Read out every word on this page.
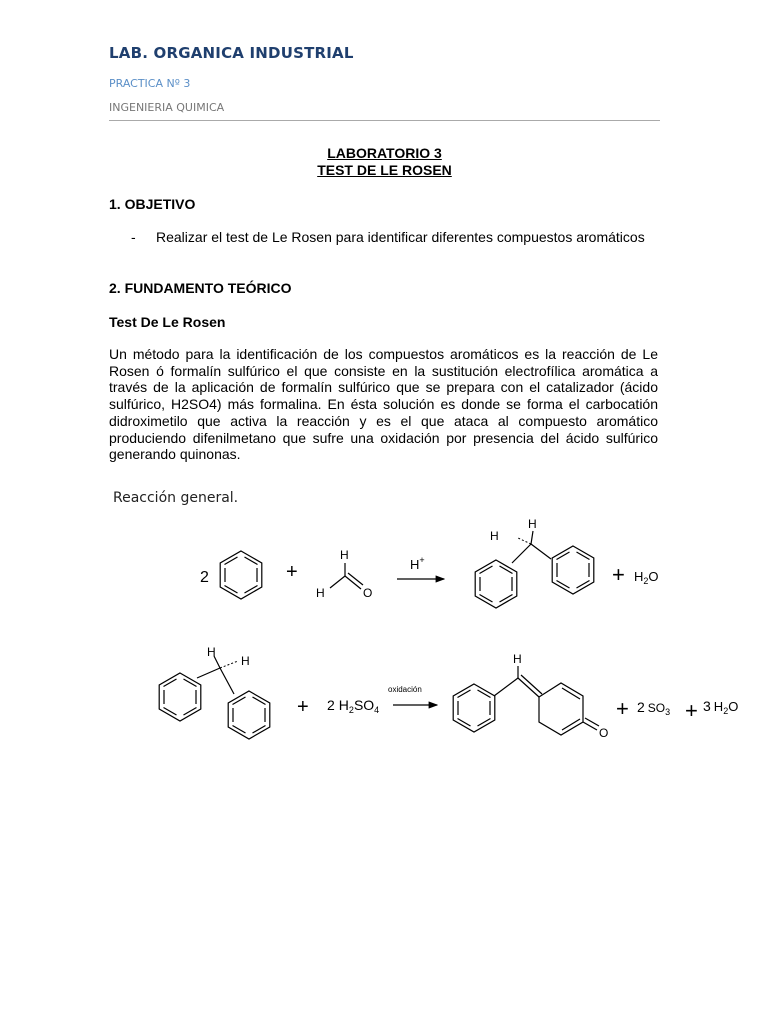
LAB. ORGANICA INDUSTRIAL
PRACTICA Nº 3
INGENIERIA QUIMICA
LABORATORIO 3
TEST DE LE ROSEN
1. OBJETIVO
- Realizar el test de Le Rosen para identificar diferentes compuestos aromáticos
2. FUNDAMENTO TEÓRICO
Test De Le Rosen
Un método para la identificación de los compuestos aromáticos es la reacción de Le Rosen ó formalín sulfúrico el que consiste en la sustitución electrofílica aromática a través de la aplicación de formalín sulfúrico que se prepara con el catalizador (ácido sulfúrico, H2SO4) más formalina. En ésta solución es donde se forma el carbocatión didroximetilo que activa la reacción y es el que ataca al compuesto aromático produciendo difenilmetano que sufre una oxidación por presencia del ácido sulfúrico generando quinonas.
Reacción general.
2	+
H
H	O
H+
H
H
+ $H_2O$
H
H
+ 2 $H_2SO_4$
oxidación
H
O
+ 2 $SO_3 + 3$ $H_2O$
